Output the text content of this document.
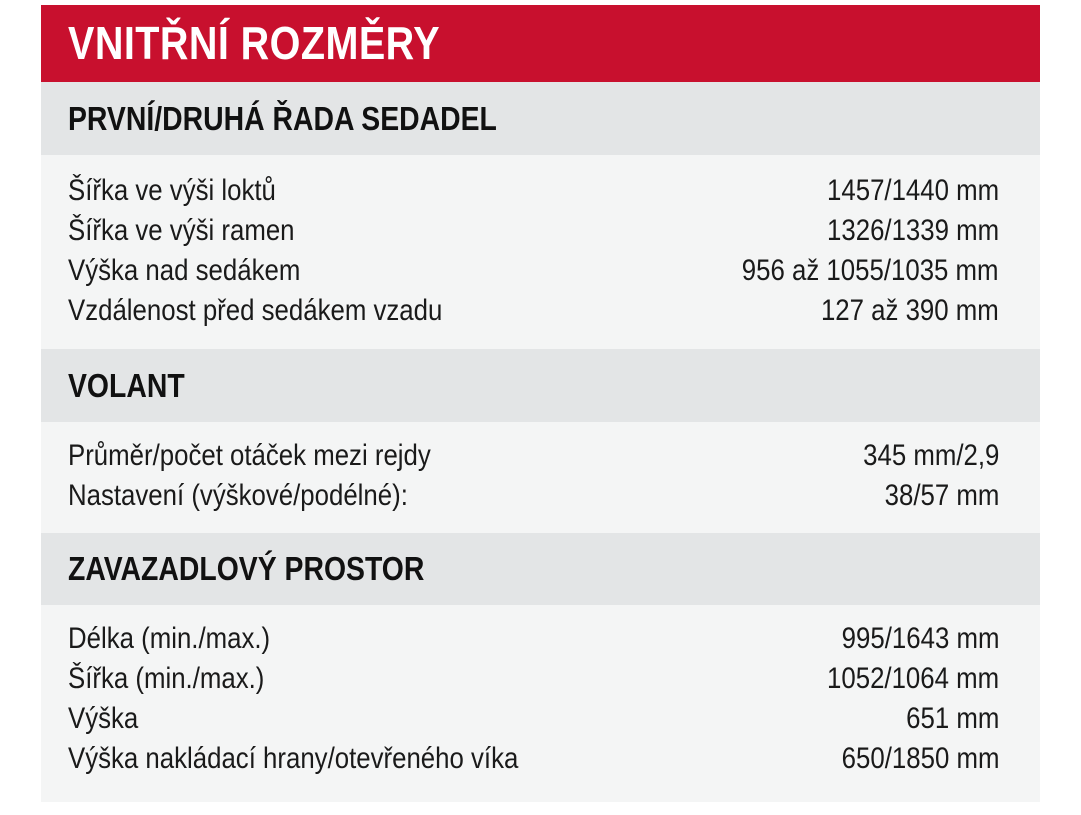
VNITŘNÍ ROZMĚRY
PRVNÍ/DRUHÁ ŘADA SEDADEL
Šířka ve výši loktů	1457/1440 mm
Šířka ve výši ramen	1326/1339 mm
Výška nad sedákem	956 až 1055/1035 mm
Vzdálenost před sedákem vzadu	127 až 390 mm
VOLANT
Průměr/počet otáček mezi rejdy	345 mm/2,9
Nastavení (výškové/podélné):	38/57 mm
ZAVAZADLOVÝ PROSTOR
Délka (min./max.)	995/1643 mm
Šířka (min./max.)	1052/1064 mm
Výška	651 mm
Výška nakládací hrany/otevřeného víka	650/1850 mm
